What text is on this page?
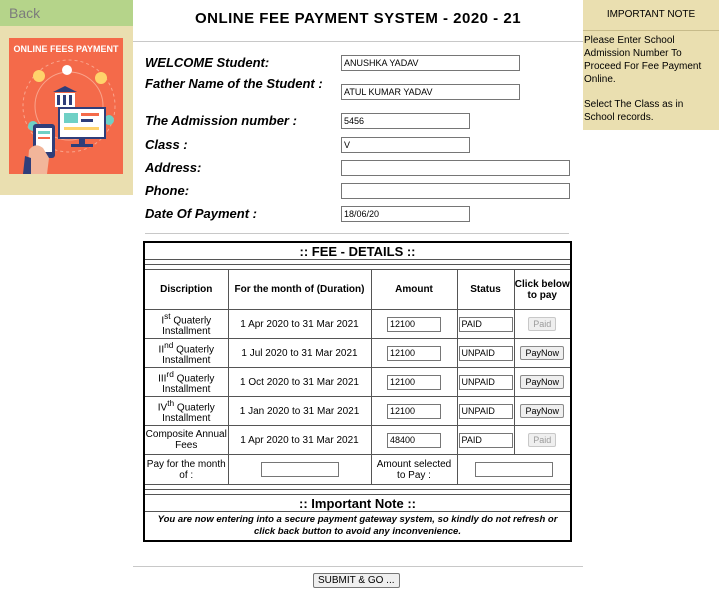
Back
ONLINE FEES PAYMENT
IMPORTANT NOTE
Please Enter School Admission Number To Proceed For Fee Payment Online.
Select The Class as in School records.
ONLINE FEE PAYMENT SYSTEM - 2020 - 21
WELCOME Student:
ANUSHKA YADAV
Father Name of the Student :
ATUL KUMAR YADAV
The Admission number :
5456
Class :
V
Address:
Phone:
Date Of Payment :
18/06/20
:: FEE - DETAILS ::				

Discription	For the month of (Duration)	Amount	Status	Click below to pay
Ist Quaterly Installment	1 Apr 2020 to 31 Mar 2021	12100	PAID	Paid
IInd Quaterly Installment	1 Jul 2020 to 31 Mar 2021	12100	UNPAID	PayNow
IIIrd Quaterly Installment	1 Oct 2020 to 31 Mar 2021	12100	UNPAID	PayNow
IVth Quaterly Installment	1 Jan 2020 to 31 Mar 2021	12100	UNPAID	PayNow
Composite Annual Fees	1 Apr 2020 to 31 Mar 2021	48400	PAID	Paid
Pay for the month of :		Amount selected to Pay :	

:: Important Note ::				
You are now entering into a secure payment gateway system, so kindly do not refresh or click back button to avoid any inconvenience.				
SUBMIT & GO ...
